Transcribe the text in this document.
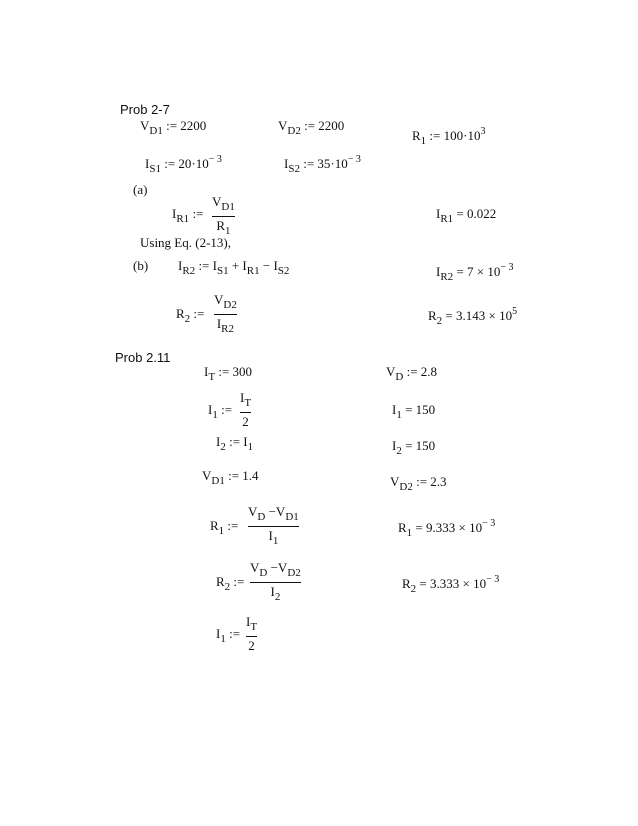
Prob 2-7
$V_{D1}$ := 2200	$V_{D2}$ := 2200
$R_1$ := $100\cdot 10^3$
$I_{S1}$ := $20\cdot 10^{- 3}$	$I_{S2}$ := $35\cdot 10^{- 3}$
(a)
$I_{R1}$ :=
$V_{D1}$
$R_1$
$I_{R1} = 0.022$
Using Eq. (2-13),
(b) $I_{R2}$ := $I_{S1} + I_{R1} - I_{S2}$	$I_{R2} = 7 \times 10^{- 3}$
$R_2$ :=
$V_{D2}$
$I_{R2}$
$R_2 = 3.143 \times 10^5$
Prob 2.11
$I_T$ := 300	$V_D$ := 2.8
$I_1$ :=
$I_T$
2
$I_1 = 150$
$I_2$ := $I_1$	$I_2 = 150$
$V_{D1}$ := 1.4	$V_{D2}$ := 2.3
$R_1$ :=
$V_D -V_{D1}$
$I_1$
$R_1 = 9.333 \times 10^{- 3}$
$R_2$ :=
$V_D -V_{D2}$
$I_2$
$R_2 = 3.333 \times 10^{- 3}$
$I_1$ :=
$I_T$
2
